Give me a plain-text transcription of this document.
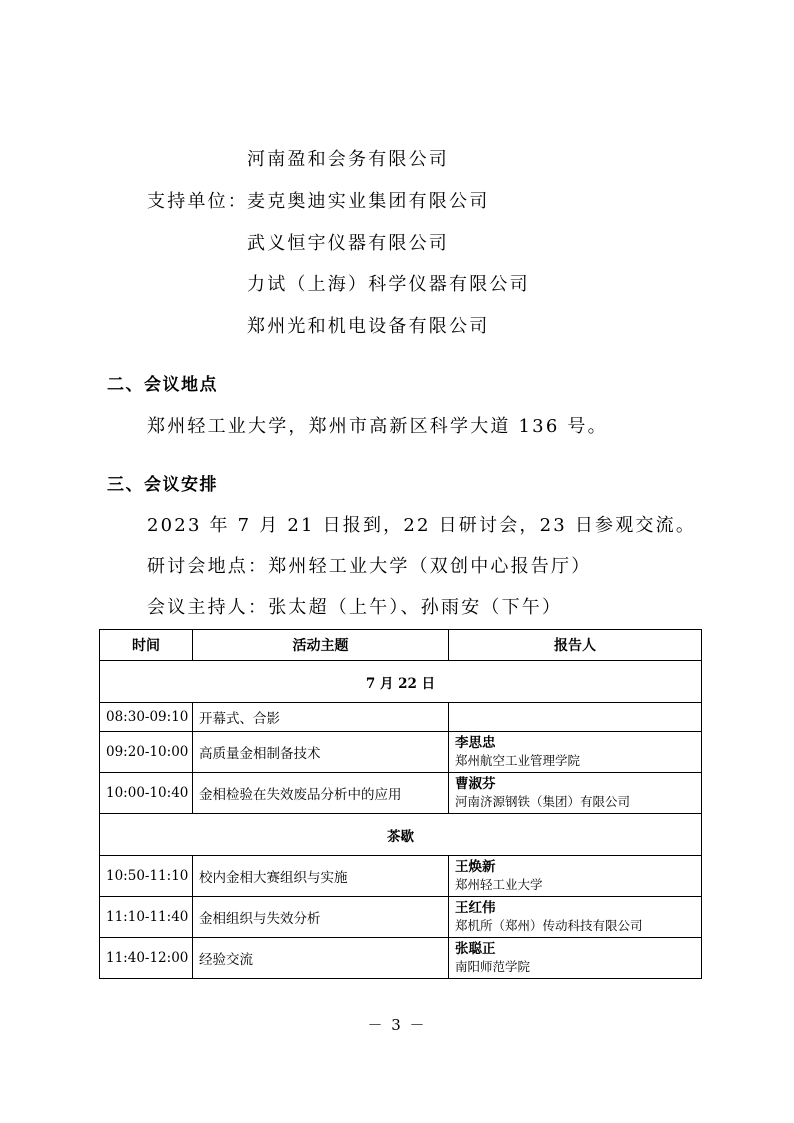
河南盈和会务有限公司
支持单位： 麦克奥迪实业集团有限公司
武义恒宇仪器有限公司
力试（上海）科学仪器有限公司
郑州光和机电设备有限公司
二、会议地点
郑州轻工业大学，郑州市高新区科学大道 136 号。
三、会议安排
2023 年 7 月 21 日报到，22 日研讨会，23 日参观交流。
研讨会地点：郑州轻工业大学（双创中心报告厅）
会议主持人：张太超（上午）、孙雨安（下午）
时间	活动主题	报告人
7 月 22 日		
08:30-09:10	开幕式、合影	
09:20-10:00	高质量金相制备技术	李思忠
郑州航空工业管理学院

10:00-10:40	金相检验在失效废品分析中的应用	曹淑芬
河南济源钢铁（集团）有限公司

茶歇		
10:50-11:10	校内金相大赛组织与实施	王焕新
郑州轻工业大学

11:10-11:40	金相组织与失效分析	王红伟
郑机所（郑州）传动科技有限公司

11:40-12:00	经验交流	张聪正
南阳师范学院
－ 3 －
